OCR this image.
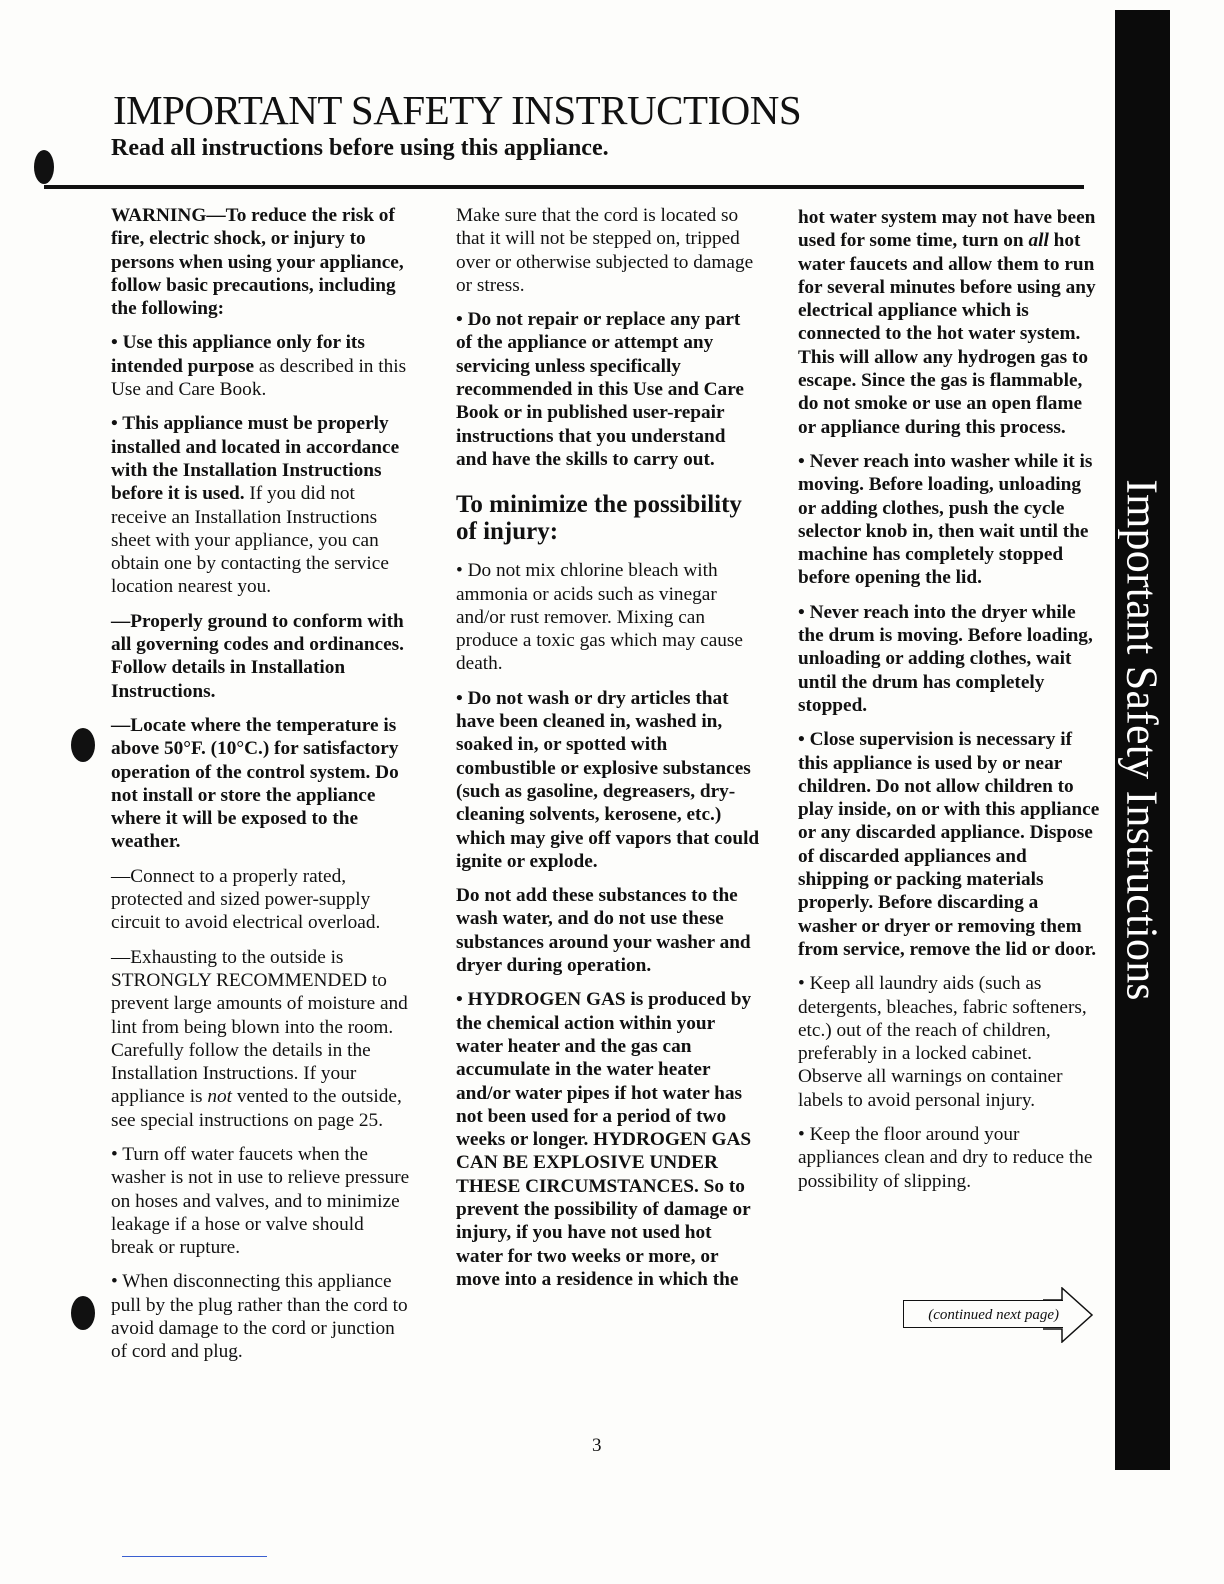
IMPORTANT SAFETY INSTRUCTIONS
Read all instructions before using this appliance.
Important Safety Instructions

WARNING—To reduce the risk of fire, electric shock, or injury to persons when using your appliance, follow basic precautions, including the following:

• Use this appliance only for its intended purpose as described in this Use and Care Book.

• This appliance must be properly installed and located in accordance with the Installation Instructions before it is used. If you did not receive an Installation Instructions sheet with your appliance, you can obtain one by contacting the service location nearest you.

—Properly ground to conform with all governing codes and ordinances. Follow details in Installation Instructions.

—Locate where the temperature is above 50°F. (10°C.) for satisfactory operation of the control system. Do not install or store the appliance where it will be exposed to the weather.

—Connect to a properly rated, protected and sized power-supply circuit to avoid electrical overload.

—Exhausting to the outside is STRONGLY RECOMMENDED to prevent large amounts of moisture and lint from being blown into the room. Carefully follow the details in the Installation Instructions. If your appliance is not vented to the outside, see special instructions on page 25.

• Turn off water faucets when the washer is not in use to relieve pressure on hoses and valves, and to minimize leakage if a hose or valve should break or rupture.

• When disconnecting this appliance pull by the plug rather than the cord to avoid damage to the cord or junction of cord and plug.

Make sure that the cord is located so that it will not be stepped on, tripped over or otherwise subjected to damage or stress.

• Do not repair or replace any part of the appliance or attempt any servicing unless specifically recommended in this Use and Care Book or in published user-repair instructions that you understand and have the skills to carry out.

To minimize the possibility of injury:

• Do not mix chlorine bleach with ammonia or acids such as vinegar and/or rust remover. Mixing can produce a toxic gas which may cause death.

• Do not wash or dry articles that have been cleaned in, washed in, soaked in, or spotted with combustible or explosive substances (such as gasoline, degreasers, dry-cleaning solvents, kerosene, etc.) which may give off vapors that could ignite or explode.

Do not add these substances to the wash water, and do not use these substances around your washer and dryer during operation.

• HYDROGEN GAS is produced by the chemical action within your water heater and the gas can accumulate in the water heater and/or water pipes if hot water has not been used for a period of two weeks or longer. HYDROGEN GAS CAN BE EXPLOSIVE UNDER THESE CIRCUMSTANCES. So to prevent the possibility of damage or injury, if you have not used hot water for two weeks or more, or move into a residence in which the

hot water system may not have been used for some time, turn on all hot water faucets and allow them to run for several minutes before using any electrical appliance which is connected to the hot water system. This will allow any hydrogen gas to escape. Since the gas is flammable, do not smoke or use an open flame or appliance during this process.

• Never reach into washer while it is moving. Before loading, unloading or adding clothes, push the cycle selector knob in, then wait until the machine has completely stopped before opening the lid.

• Never reach into the dryer while the drum is moving. Before loading, unloading or adding clothes, wait until the drum has completely stopped.

• Close supervision is necessary if this appliance is used by or near children. Do not allow children to play inside, on or with this appliance or any discarded appliance. Dispose of discarded appliances and shipping or packing materials properly. Before discarding a washer or dryer or removing them from service, remove the lid or door.

• Keep all laundry aids (such as detergents, bleaches, fabric softeners, etc.) out of the reach of children, preferably in a locked cabinet. Observe all warnings on container labels to avoid personal injury.

• Keep the floor around your appliances clean and dry to reduce the possibility of slipping.

(continued next page)
3
